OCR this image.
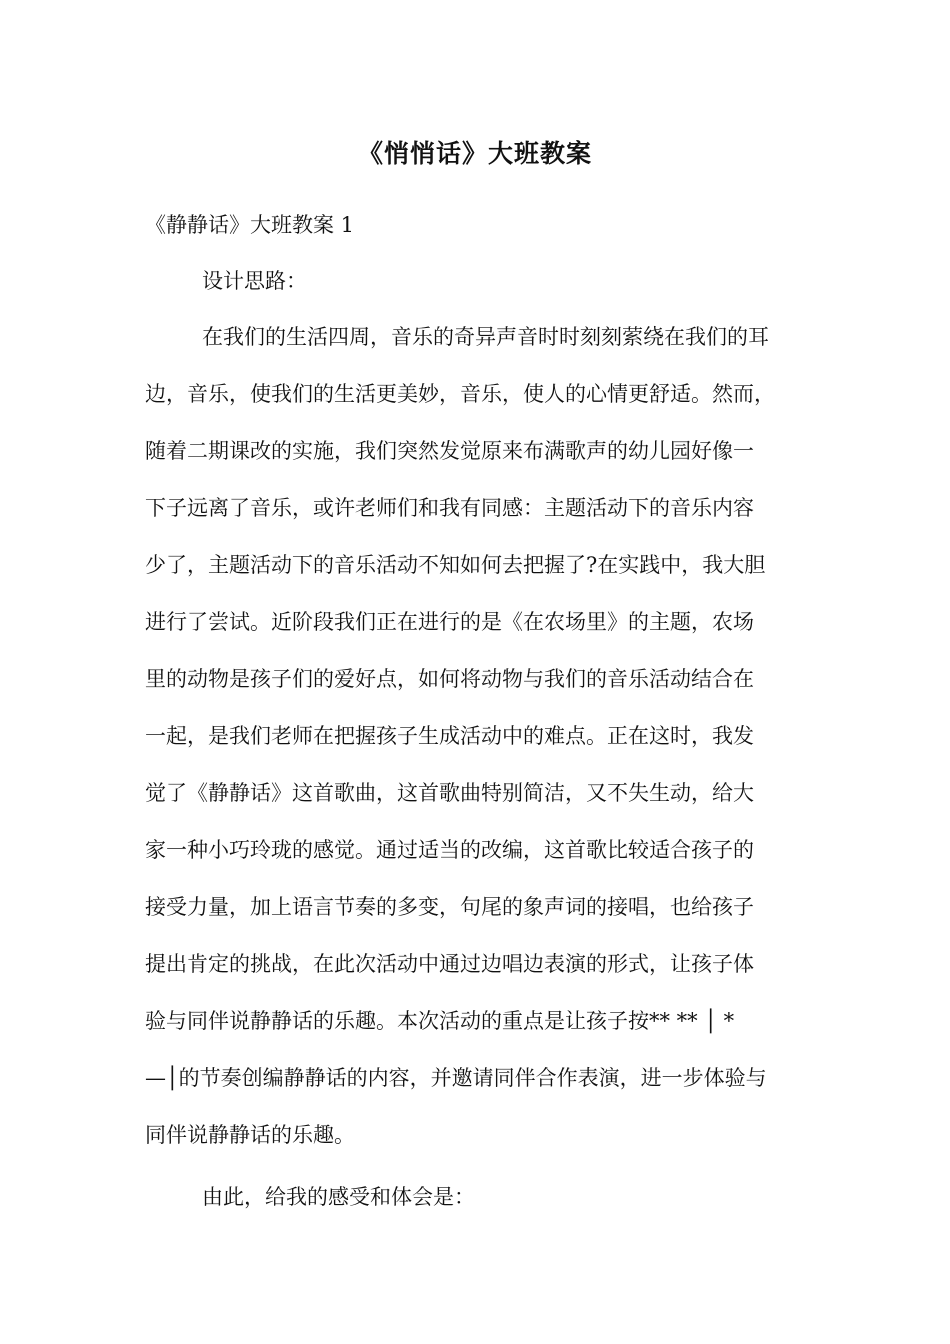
《悄悄话》大班教案
《静静话》大班教案 1
设计思路：
在我们的生活四周，音乐的奇异声音时时刻刻萦绕在我们的耳
边，音乐，使我们的生活更美妙，音乐，使人的心情更舒适。然而，
随着二期课改的实施，我们突然发觉原来布满歌声的幼儿园好像一
下子远离了音乐，或许老师们和我有同感：主题活动下的音乐内容
少了，主题活动下的音乐活动不知如何去把握了?在实践中，我大胆
进行了尝试。近阶段我们正在进行的是《在农场里》的主题，农场
里的动物是孩子们的爱好点，如何将动物与我们的音乐活动结合在
一起，是我们老师在把握孩子生成活动中的难点。正在这时，我发
觉了《静静话》这首歌曲，这首歌曲特别简洁，又不失生动，给大
家一种小巧玲珑的感觉。通过适当的改编，这首歌比较适合孩子的
接受力量，加上语言节奏的多变，句尾的象声词的接唱，也给孩子
提出肯定的挑战，在此次活动中通过边唱边表演的形式，让孩子体
验与同伴说静静话的乐趣。本次活动的重点是让孩子按** ** │ *
—│的节奏创编静静话的内容，并邀请同伴合作表演，进一步体验与
同伴说静静话的乐趣。
由此，给我的感受和体会是：
